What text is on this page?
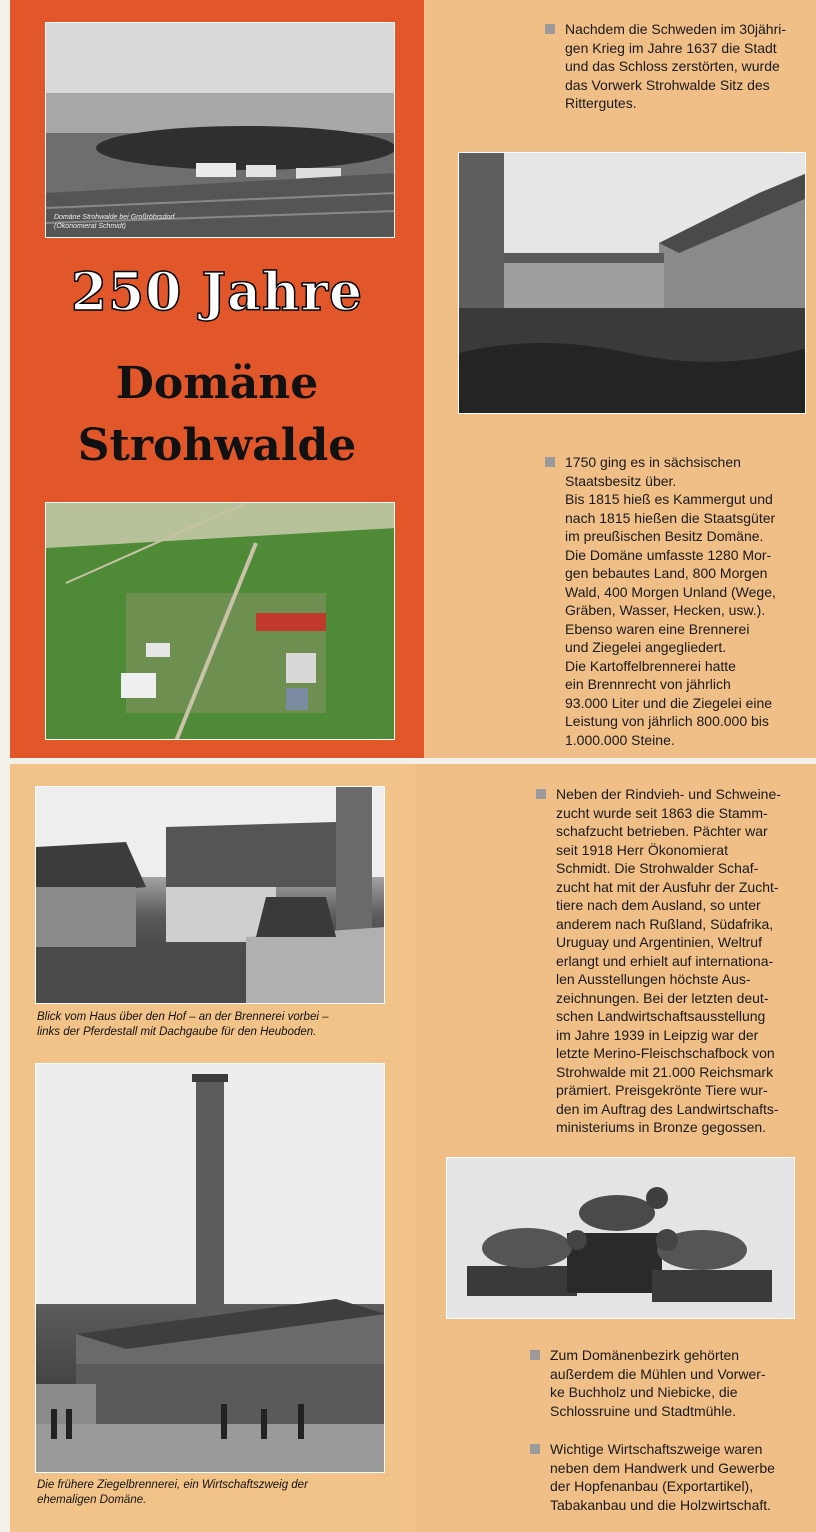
Domäne Strohwalde bei Großröhrsdorf
(Ökonomierat Schmidt)
250 Jahre
Domäne
Strohwalde

Nachdem die Schweden im 30jähri-
gen Krieg im Jahre 1637 die Stadt
und das Schloss zerstörten, wurde
das Vorwerk Strohwalde Sitz des
Rittergutes.

1750 ging es in sächsischen
Staatsbesitz über.
Bis 1815 hieß es Kammergut und
nach 1815 hießen die Staatsgüter
im preußischen Besitz Domäne.
Die Domäne umfasste 1280 Mor-
gen bebautes Land, 800 Morgen
Wald, 400 Morgen Unland (Wege,
Gräben, Wasser, Hecken, usw.).
Ebenso waren eine Brennerei
und Ziegelei angegliedert.
Die Kartoffelbrennerei hatte
ein Brennrecht von jährlich
93.000 Liter und die Ziegelei eine
Leistung von jährlich 800.000 bis
1.000.000 Steine.

Blick vom Haus über den Hof – an der Brennerei vorbei –
links der Pferdestall mit Dachgaube für den Heuboden.
Die frühere Ziegelbrennerei, ein Wirtschaftszweig der
ehemaligen Domäne.

Neben der Rindvieh- und Schweine-
zucht wurde seit 1863 die Stamm-
schafzucht betrieben. Pächter war
seit 1918 Herr Ökonomierat
Schmidt. Die Strohwalder Schaf-
zucht hat mit der Ausfuhr der Zucht-
tiere nach dem Ausland, so unter
anderem nach Rußland, Südafrika,
Uruguay und Argentinien, Weltruf
erlangt und erhielt auf internationa-
len Ausstellungen höchste Aus-
zeichnungen. Bei der letzten deut-
schen Landwirtschaftsausstellung
im Jahre 1939 in Leipzig war der
letzte Merino-Fleischschafbock von
Strohwalde mit 21.000 Reichsmark
prämiert. Preisgekrönte Tiere wur-
den im Auftrag des Landwirtschafts-
ministeriums in Bronze gegossen.

Zum Domänenbezirk gehörten
außerdem die Mühlen und Vorwer-
ke Buchholz und Niebicke, die
Schlossruine und Stadtmühle.

Wichtige Wirtschaftszweige waren
neben dem Handwerk und Gewerbe
der Hopfenanbau (Exportartikel),
Tabakanbau und die Holzwirtschaft.
